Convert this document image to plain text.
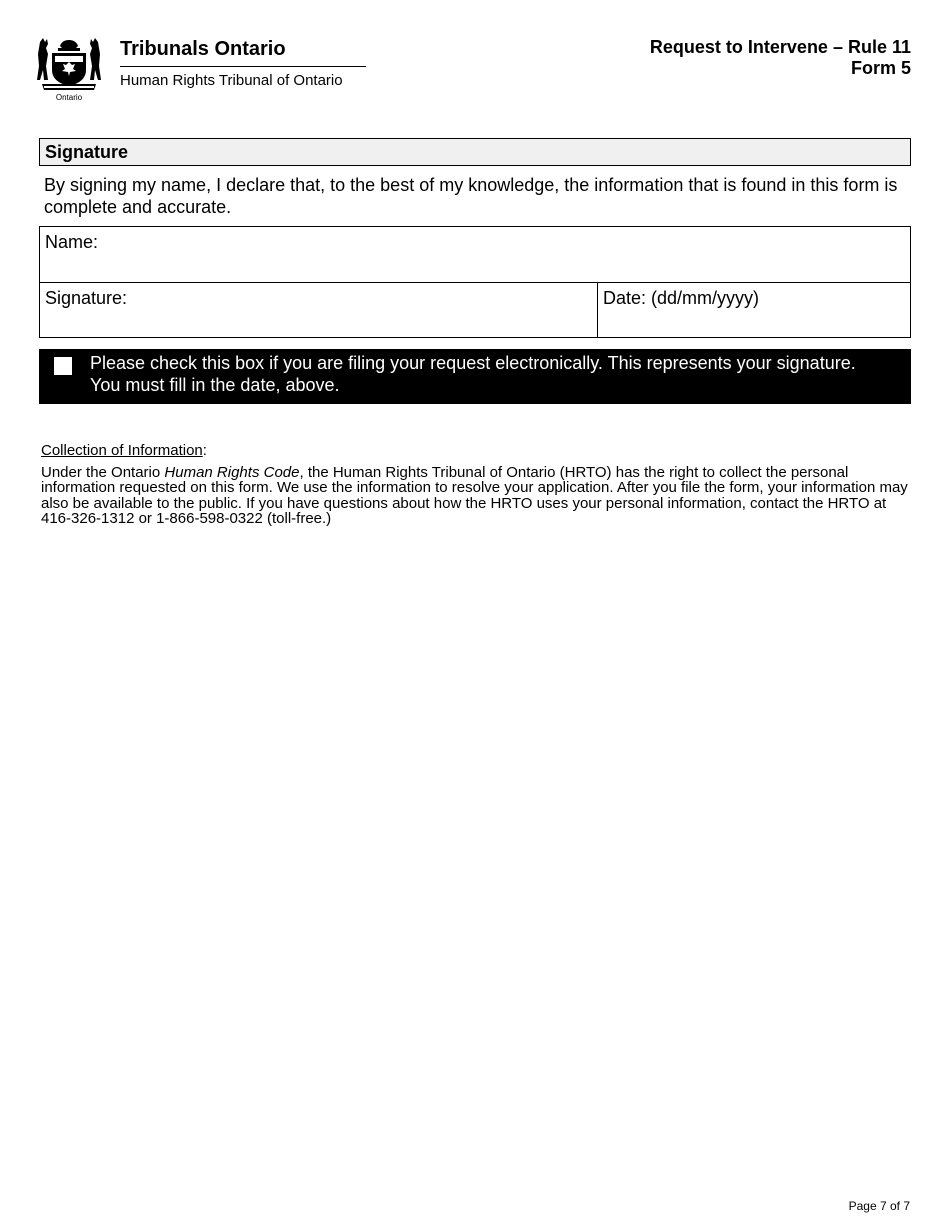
Ontario
Tribunals Ontario
Human Rights Tribunal of Ontario
Request to Intervene – Rule 11
Form 5
Signature
By signing my name, I declare that, to the best of my knowledge, the information that is found in this form is complete and accurate.
Name:
Signature:	Date: (dd/mm/yyyy)
Please check this box if you are filing your request electronically. This represents your signature.
You must fill in the date, above.
Collection of Information:
Under the Ontario Human Rights Code, the Human Rights Tribunal of Ontario (HRTO) has the right to collect the personal information requested on this form. We use the information to resolve your application. After you file the form, your information may also be available to the public. If you have questions about how the HRTO uses your personal information, contact the HRTO at 416-326-1312 or 1-866-598-0322 (toll-free.)
Page 7 of 7
